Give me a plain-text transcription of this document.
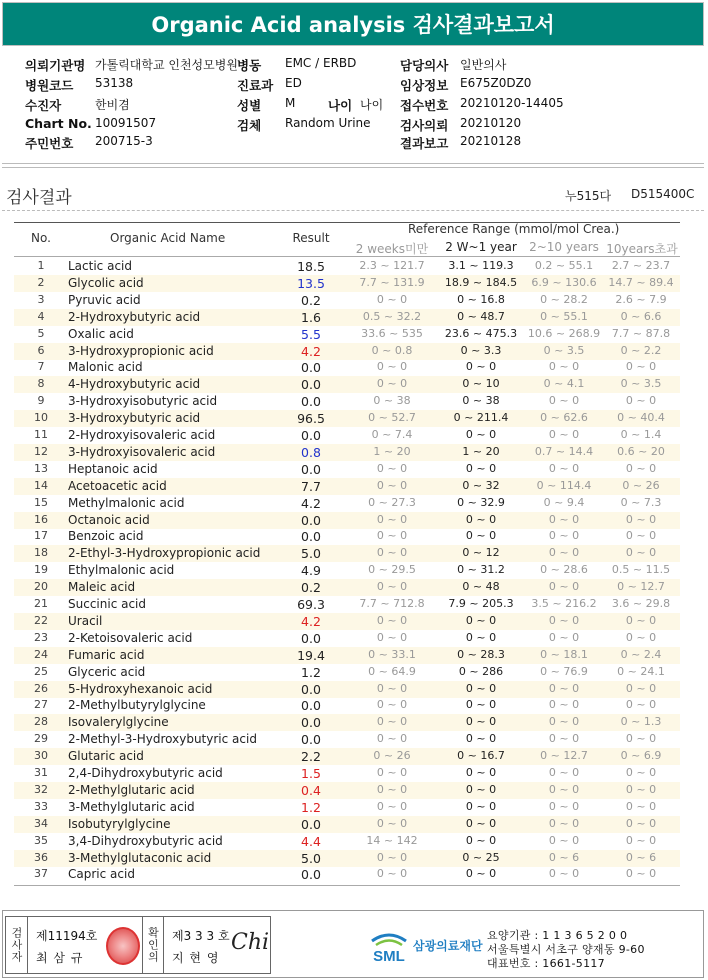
Organic Acid analysis 검사결과보고서
의뢰기관명 가톨릭대학교 인천성모병원 병동 EMC / ERBD	담당의사 일반의사
병원코드 53138	진료과 ED	임상정보 E675Z0DZ0
수진자	한비겸	성별 M	나이 나이 접수번호 20210120-14405
Chart No. 10091507	검체 Random Urine 검사의뢰 20210120
주민번호 200715-3	결과보고 20210128
검사결과	누515다 D515400C
No.	Organic Acid Name	Result
Reference Range (mmol/mol Crea.)
2 weeks미만	2 W~1 year	2~10 years 10years초과
1	Lactic acid	18.5	2.3 ~ 121.7	3.1 ~ 119.3	0.2 ~ 55.1	2.7 ~ 23.7
2	Glycolic acid	13.5	7.7 ~ 131.9	18.9 ~ 184.5	6.9 ~ 130.6	14.7 ~ 89.4
3	Pyruvic acid	0.2	0 ~ 0	0 ~ 16.8	0 ~ 28.2	2.6 ~ 7.9
4	2-Hydroxybutyric acid	1.6	0.5 ~ 32.2	0 ~ 48.7	0 ~ 55.1	0 ~ 6.6
5	Oxalic acid	5.5	33.6 ~ 535	23.6 ~ 475.3 10.6 ~ 268.9	7.7 ~ 87.8
6	3-Hydroxypropionic acid	4.2	0 ~ 0.8	0 ~ 3.3	0 ~ 3.5	0 ~ 2.2
7	Malonic acid	0.0	0 ~ 0	0 ~ 0	0 ~ 0	0 ~ 0
8	4-Hydroxybutyric acid	0.0	0 ~ 0	0 ~ 10	0 ~ 4.1	0 ~ 3.5
9	3-Hydroxyisobutyric acid	0.0	0 ~ 38	0 ~ 38	0 ~ 0	0 ~ 0
10	3-Hydroxybutyric acid	96.5	0 ~ 52.7	0 ~ 211.4	0 ~ 62.6	0 ~ 40.4
11	2-Hydroxyisovaleric acid	0.0	0 ~ 7.4	0 ~ 0	0 ~ 0	0 ~ 1.4
12	3-Hydroxyisovaleric acid	0.8	1 ~ 20	1 ~ 20	0.7 ~ 14.4	0.6 ~ 20
13	Heptanoic acid	0.0	0 ~ 0	0 ~ 0	0 ~ 0	0 ~ 0
14	Acetoacetic acid	7.7	0 ~ 0	0 ~ 32	0 ~ 114.4	0 ~ 26
15	Methylmalonic acid	4.2	0 ~ 27.3	0 ~ 32.9	0 ~ 9.4	0 ~ 7.3
16	Octanoic acid	0.0	0 ~ 0	0 ~ 0	0 ~ 0	0 ~ 0
17	Benzoic acid	0.0	0 ~ 0	0 ~ 0	0 ~ 0	0 ~ 0
18	2-Ethyl-3-Hydroxypropionic acid	5.0	0 ~ 0	0 ~ 12	0 ~ 0	0 ~ 0
19	Ethylmalonic acid	4.9	0 ~ 29.5	0 ~ 31.2	0 ~ 28.6	0.5 ~ 11.5
20	Maleic acid	0.2	0 ~ 0	0 ~ 48	0 ~ 0	0 ~ 12.7
21	Succinic acid	69.3	7.7 ~ 712.8	7.9 ~ 205.3	3.5 ~ 216.2	3.6 ~ 29.8
22	Uracil	4.2	0 ~ 0	0 ~ 0	0 ~ 0	0 ~ 0
23	2-Ketoisovaleric acid	0.0	0 ~ 0	0 ~ 0	0 ~ 0	0 ~ 0
24	Fumaric acid	19.4	0 ~ 33.1	0 ~ 28.3	0 ~ 18.1	0 ~ 2.4
25	Glyceric acid	1.2	0 ~ 64.9	0 ~ 286	0 ~ 76.9	0 ~ 24.1
26	5-Hydroxyhexanoic acid	0.0	0 ~ 0	0 ~ 0	0 ~ 0	0 ~ 0
27	2-Methylbutyrylglycine	0.0	0 ~ 0	0 ~ 0	0 ~ 0	0 ~ 0
28	Isovalerylglycine	0.0	0 ~ 0	0 ~ 0	0 ~ 0	0 ~ 1.3
29	2-Methyl-3-Hydroxybutyric acid	0.0	0 ~ 0	0 ~ 0	0 ~ 0	0 ~ 0
30	Glutaric acid	2.2	0 ~ 26	0 ~ 16.7	0 ~ 12.7	0 ~ 6.9
31	2,4-Dihydroxybutyric acid	1.5	0 ~ 0	0 ~ 0	0 ~ 0	0 ~ 0
32	2-Methylglutaric acid	0.4	0 ~ 0	0 ~ 0	0 ~ 0	0 ~ 0
33	3-Methylglutaric acid	1.2	0 ~ 0	0 ~ 0	0 ~ 0	0 ~ 0
34	Isobutyrylglycine	0.0	0 ~ 0	0 ~ 0	0 ~ 0	0 ~ 0
35	3,4-Dihydroxybutyric acid	4.4	14 ~ 142	0 ~ 0	0 ~ 0	0 ~ 0
36	3-Methylglutaconic acid	5.0	0 ~ 0	0 ~ 25	0 ~ 6	0 ~ 6
37	Capric acid	0.0	0 ~ 0	0 ~ 0	0 ~ 0	0 ~ 0
검사자	제11194호
최 삼 규	확인의	제3 3 3 호
지 현 영
Chi
SML
삼광의료재단
요양기관 : 1 1 3 6 5 2 0 0
서울특별시 서초구 양재동 9-60
대표번호 : 1661-5117
